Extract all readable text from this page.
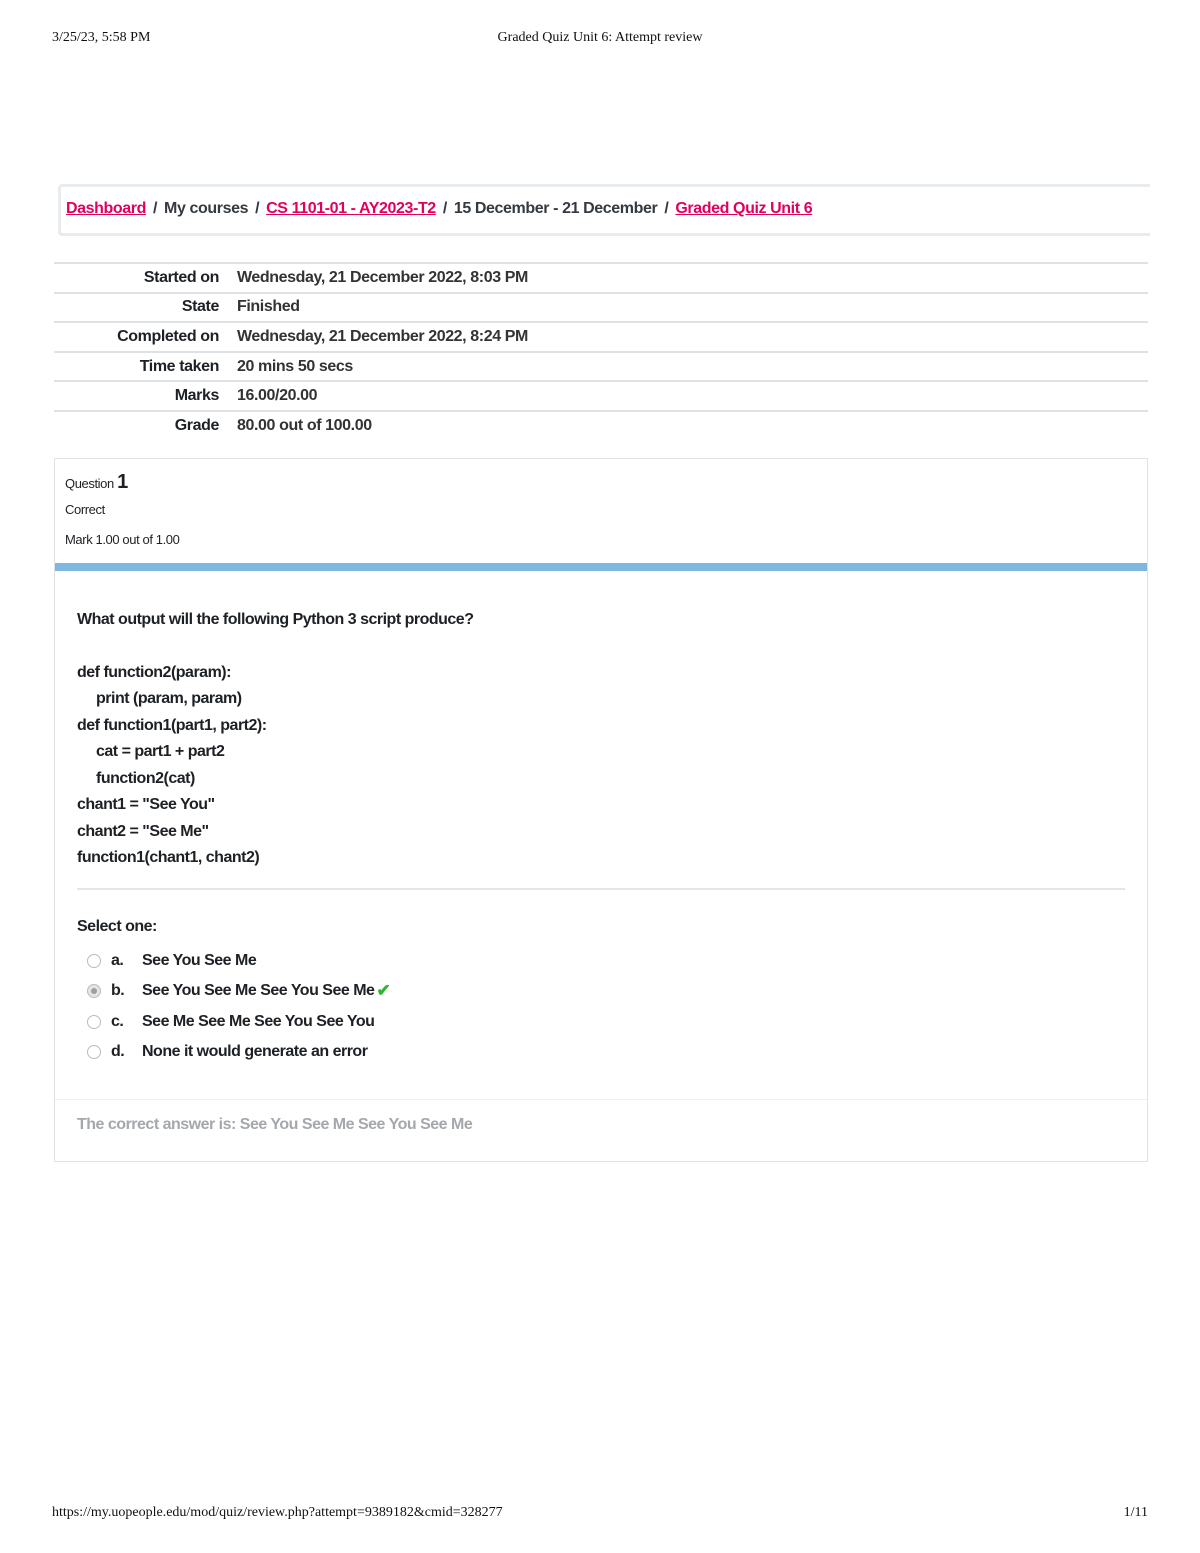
3/25/23, 5:58 PM	Graded Quiz Unit 6: Attempt review
Dashboard / My courses / CS 1101-01 - AY2023-T2 / 15 December - 21 December / Graded Quiz Unit 6
Started on	Wednesday, 21 December 2022, 8:03 PM
State	Finished
Completed on	Wednesday, 21 December 2022, 8:24 PM
Time taken	20 mins 50 secs
Marks	16.00/20.00
Grade	80.00 out of 100.00
Question 1
Correct
Mark 1.00 out of 1.00
What output will the following Python 3 script produce?
def function2(param):
print (param, param)
def function1(part1, part2):
cat = part1 + part2
function2(cat)
chant1 = "See You"
chant2 = "See Me"
function1(chant1, chant2)
Select one:
a.	See You See Me
b.	See You See Me See You See Me ✔
c.	See Me See Me See You See You
d.	None it would generate an error
The correct answer is: See You See Me See You See Me
https://my.uopeople.edu/mod/quiz/review.php?attempt=9389182&cmid=328277	1/11
